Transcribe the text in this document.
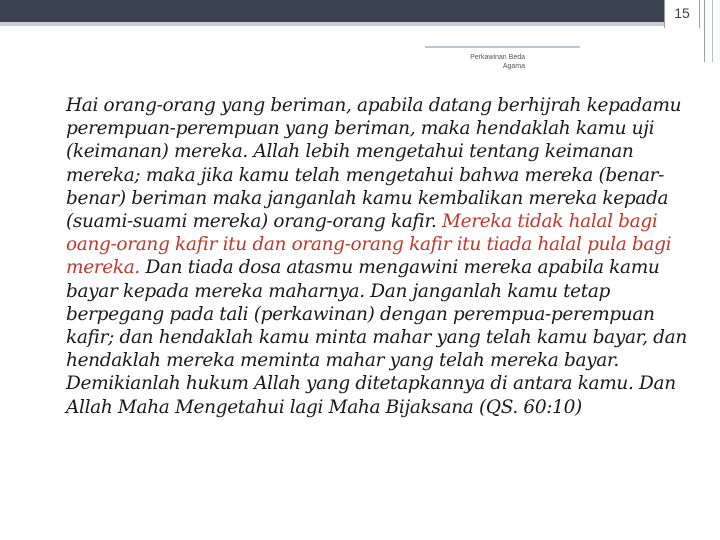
15
Perkawinan Beda
Agama

Hai orang-orang yang beriman, apabila datang berhijrah kepadamu perempuan-perempuan yang beriman, maka hendaklah kamu uji (keimanan) mereka. Allah lebih mengetahui tentang keimanan mereka; maka jika kamu telah mengetahui bahwa mereka (benar-benar) beriman maka janganlah kamu kembalikan mereka kepada (suami-suami mereka) orang-orang kafir. Mereka tidak halal bagi oang-orang kafir itu dan orang-orang kafir itu tiada halal pula bagi mereka. Dan tiada dosa atasmu mengawini mereka apabila kamu bayar kepada mereka maharnya. Dan janganlah kamu tetap berpegang pada tali (perkawinan) dengan perempua-perempuan kafir; dan hendaklah kamu minta mahar yang telah kamu bayar, dan hendaklah mereka meminta mahar yang telah mereka bayar. Demikianlah hukum Allah yang ditetapkannya di antara kamu. Dan Allah Maha Mengetahui lagi Maha Bijaksana (QS. 60:10)
